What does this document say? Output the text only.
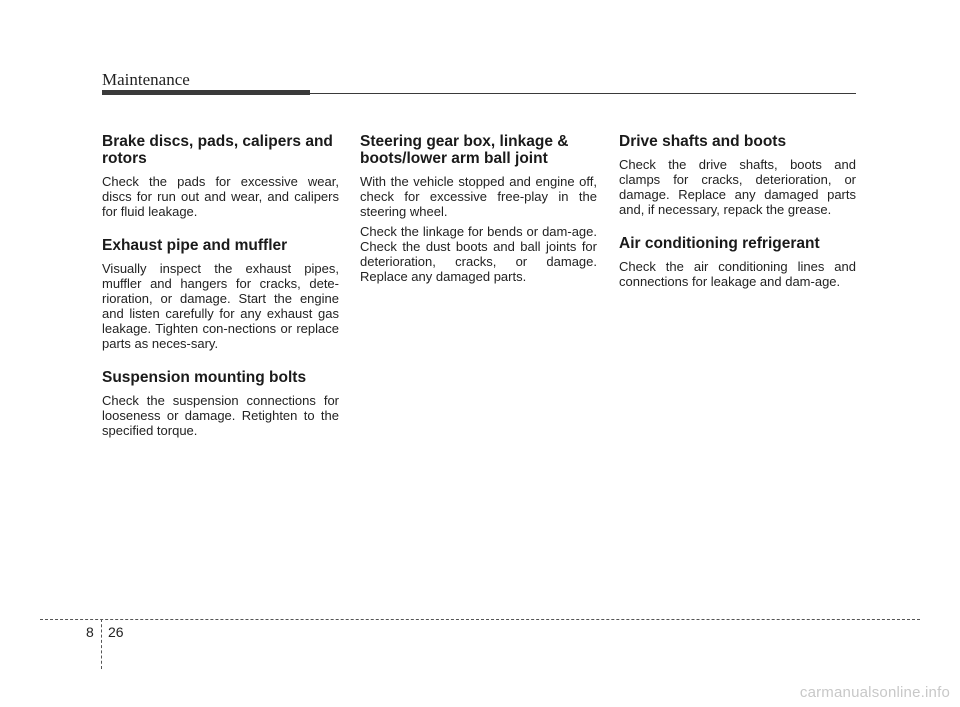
Maintenance
Brake discs, pads, calipers and rotors

Check the pads for excessive wear, discs for run out and wear, and calipers for fluid leakage.

Exhaust pipe and muffler

Visually inspect the exhaust pipes, muffler and hangers for cracks, dete-rioration, or damage. Start the engine and listen carefully for any exhaust gas leakage. Tighten con-nections or replace parts as neces-sary.

Suspension mounting bolts

Check the suspension connections for looseness or damage. Retighten to the specified torque.

Steering gear box, linkage & boots/lower arm ball joint

With the vehicle stopped and engine off, check for excessive free-play in the steering wheel.

Check the linkage for bends or dam-age. Check the dust boots and ball joints for deterioration, cracks, or damage. Replace any damaged parts.

Drive shafts and boots

Check the drive shafts, boots and clamps for cracks, deterioration, or damage. Replace any damaged parts and, if necessary, repack the grease.

Air conditioning refrigerant

Check the air conditioning lines and connections for leakage and dam-age.

8 26
carmanualsonline.info
